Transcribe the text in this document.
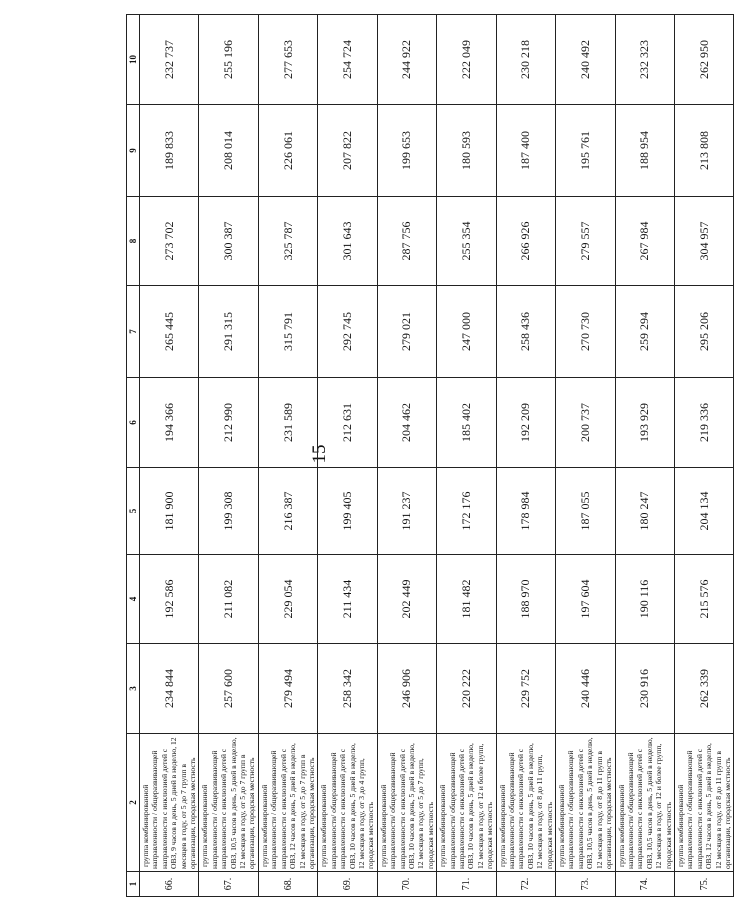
15
1	2	3	4	5	6	7	8	9	10
66.	группа комбинированной направленности / общеразвивающей направленности с инклюзией детей с ОВЗ, 9 часов в день, 5 дней в неделю, 12 месяцев в году, от 5 до 7 групп в организации, городская местность	234 844	192 586	181 900	194 366	265 445	273 702	189 833	232 737
67.	группа комбинированной направленности / общеразвивающей направленности с инклюзией детей с ОВЗ, 10,5 часов в день, 5 дней в неделю, 12 месяцев в году, от 5 до 7 групп в организации, городская местность	257 600	211 082	199 308	212 990	291 315	300 387	208 014	255 196
68.	группа комбинированной направленности / общеразвивающей направленности с инклюзией детей с ОВЗ, 12 часов в день, 5 дней в неделю, 12 месяцев в году, от 5 до 7 групп в организации, городская местность	279 494	229 054	216 387	231 589	315 791	325 787	226 061	277 653
69.	группа комбинированной направленности/ общеразвивающей направленности с инклюзией детей с ОВЗ, 10 часов в день, 5 дней в неделю, 12 месяцев в году, от 3 до 4 групп, городская местность	258 342	211 434	199 405	212 631	292 745	301 643	207 822	254 724
70.	группа комбинированной направленности/ общеразвивающей направленности с инклюзией детей с ОВЗ, 10 часов в день, 5 дней в неделю, 12 месяцев в году, от 5 до 7 групп, городская местность	246 906	202 449	191 237	204 462	279 021	287 756	199 653	244 922
71.	группа комбинированной направленности/ общеразвивающей направленности с инклюзией детей с ОВЗ, 10 часов в день, 5 дней в неделю, 12 месяцев в году, от 12 и более групп, городская местность	220 222	181 482	172 176	185 402	247 000	255 354	180 593	222 049
72.	группа комбинированной направленности/ общеразвивающей направленности с инклюзией детей с ОВЗ, 10 часов в день, 5 дней в неделю, 12 месяцев в году, от 8 до 11 групп, городская местность	229 752	188 970	178 984	192 209	258 436	266 926	187 400	230 218
73.	группа комбинированной направленности / общеразвивающей направленности с инклюзией детей с ОВЗ, 10,5 часов в день, 5 дней в неделю, 12 месяцев в году, от 8 до 11 групп в организации, городская местность	240 446	197 604	187 055	200 737	270 730	279 557	195 761	240 492
74.	группа комбинированной направленности/ общеразвивающей направленности с инклюзией детей с ОВЗ, 10,5 часов в день, 5 дней в неделю, 12 месяцев в году, от 12 и более групп, городская местность	230 916	190 116	180 247	193 929	259 294	267 984	188 954	232 323
75.	группа комбинированной направленности / общеразвивающей направленности с инклюзией детей с ОВЗ, 12 часов в день, 5 дней в неделю, 12 месяцев в году, от 8 до 11 групп в организации, городская местность	262 339	215 576	204 134	219 336	295 206	304 957	213 808	262 950
